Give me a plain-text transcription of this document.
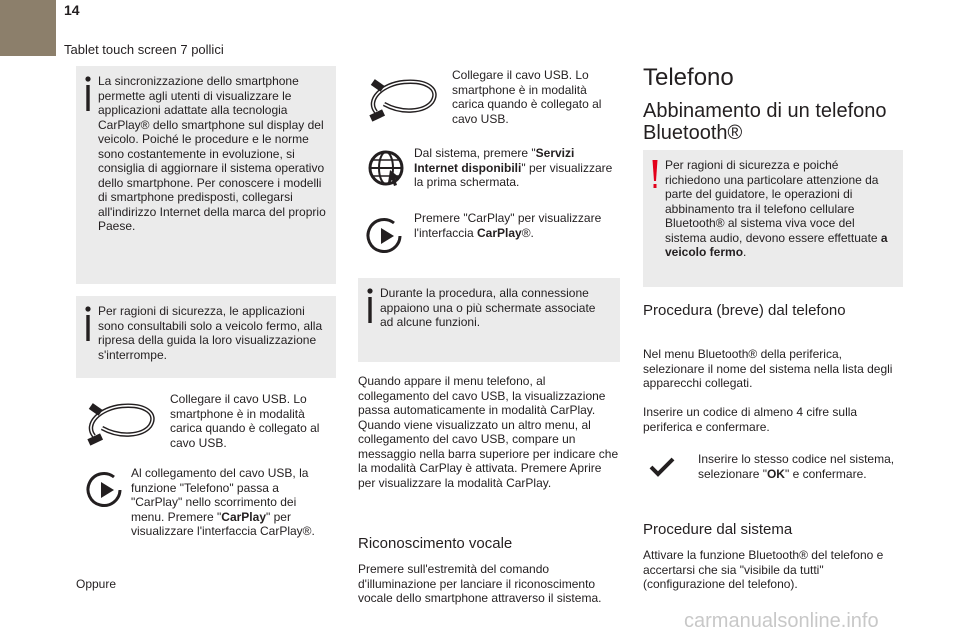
14
Tablet touch screen 7 pollici
La sincronizzazione dello smartphone permette agli utenti di visualizzare le applicazioni adattate alla tecnologia CarPlay® dello smartphone sul display del veicolo. Poiché le procedure e le norme sono costantemente in evoluzione, si consiglia di aggiornare il sistema operativo dello smartphone. Per conoscere i modelli di smartphone predisposti, collegarsi all'indirizzo Internet della marca del proprio Paese.
Per ragioni di sicurezza, le applicazioni sono consultabili solo a veicolo fermo, alla ripresa della guida la loro visualizzazione s'interrompe.
Collegare il cavo USB. Lo smartphone è in modalità carica quando è collegato al cavo USB.
Al collegamento del cavo USB, la funzione "Telefono" passa a "CarPlay" nello scorrimento dei menu. Premere "CarPlay" per visualizzare l'interfaccia CarPlay®.
Oppure
Collegare il cavo USB. Lo smartphone è in modalità carica quando è collegato al cavo USB.
Dal sistema, premere "Servizi Internet disponibili" per visualizzare la prima schermata.
Premere "CarPlay" per visualizzare l'interfaccia CarPlay®.
Durante la procedura, alla connessione appaiono una o più schermate associate ad alcune funzioni.
Quando appare il menu telefono, al collegamento del cavo USB, la visualizzazione passa automaticamente in modalità CarPlay. Quando viene visualizzato un altro menu, al collegamento del cavo USB, compare un messaggio nella barra superiore per indicare che la modalità CarPlay è attivata. Premere Aprire per visualizzare la modalità CarPlay.
Riconoscimento vocale
Premere sull'estremità del comando d'illuminazione per lanciare il riconoscimento vocale dello smartphone attraverso il sistema.
Telefono
Abbinamento di un telefono Bluetooth®
Per ragioni di sicurezza e poiché richiedono una particolare attenzione da parte del guidatore, le operazioni di abbinamento tra il telefono cellulare Bluetooth® al sistema viva voce del sistema audio, devono essere effettuate a veicolo fermo.
Procedura (breve) dal telefono
Nel menu Bluetooth® della periferica, selezionare il nome del sistema nella lista degli apparecchi collegati.
Inserire un codice di almeno 4 cifre sulla periferica e confermare.
Inserire lo stesso codice nel sistema, selezionare "OK" e confermare.
Procedure dal sistema
Attivare la funzione Bluetooth® del telefono e accertarsi che sia "visibile da tutti" (configurazione del telefono).
carmanualsonline.info
